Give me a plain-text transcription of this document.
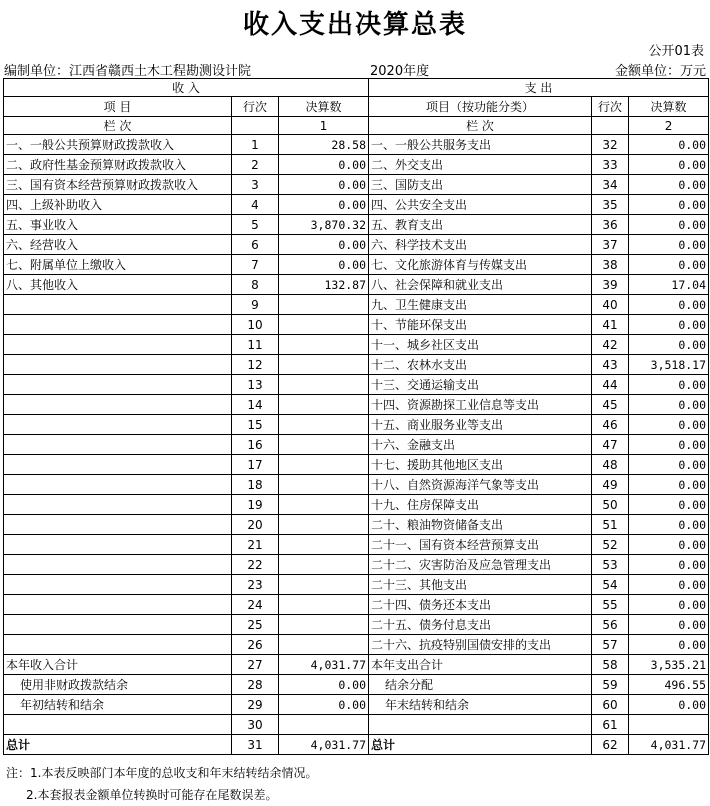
收入支出决算总表
公开01表
编制单位：江西省赣西土木工程勘测设计院	2020年度	金额单位：万元
收 入			支 出		
项 目	行次	决算数	项目（按功能分类）	行次	决算数
栏 次		1	栏 次		2
一、一般公共预算财政拨款收入	1	28.58	一、一般公共服务支出	32	0.00
二、政府性基金预算财政拨款收入	2	0.00	二、外交支出	33	0.00
三、国有资本经营预算财政拨款收入	3	0.00	三、国防支出	34	0.00
四、上级补助收入	4	0.00	四、公共安全支出	35	0.00
五、事业收入	5	3,870.32	五、教育支出	36	0.00
六、经营收入	6	0.00	六、科学技术支出	37	0.00
七、附属单位上缴收入	7	0.00	七、文化旅游体育与传媒支出	38	0.00
八、其他收入	8	132.87	八、社会保障和就业支出	39	17.04
	9		九、卫生健康支出	40	0.00
	10		十、节能环保支出	41	0.00
	11		十一、城乡社区支出	42	0.00
	12		十二、农林水支出	43	3,518.17
	13		十三、交通运输支出	44	0.00
	14		十四、资源勘探工业信息等支出	45	0.00
	15		十五、商业服务业等支出	46	0.00
	16		十六、金融支出	47	0.00
	17		十七、援助其他地区支出	48	0.00
	18		十八、自然资源海洋气象等支出	49	0.00
	19		十九、住房保障支出	50	0.00
	20		二十、粮油物资储备支出	51	0.00
	21		二十一、国有资本经营预算支出	52	0.00
	22		二十二、灾害防治及应急管理支出	53	0.00
	23		二十三、其他支出	54	0.00
	24		二十四、债务还本支出	55	0.00
	25		二十五、债务付息支出	56	0.00
	26		二十六、抗疫特别国债安排的支出	57	0.00
本年收入合计	27	4,031.77	本年支出合计	58	3,535.21
使用非财政拨款结余	28	0.00	结余分配	59	496.55
年初结转和结余	29	0.00	年末结转和结余	60	0.00
	30			61	
总计	31	4,031.77	总计	62	4,031.77
注：1.本表反映部门本年度的总收支和年末结转结余情况。
2.本套报表金额单位转换时可能存在尾数误差。
